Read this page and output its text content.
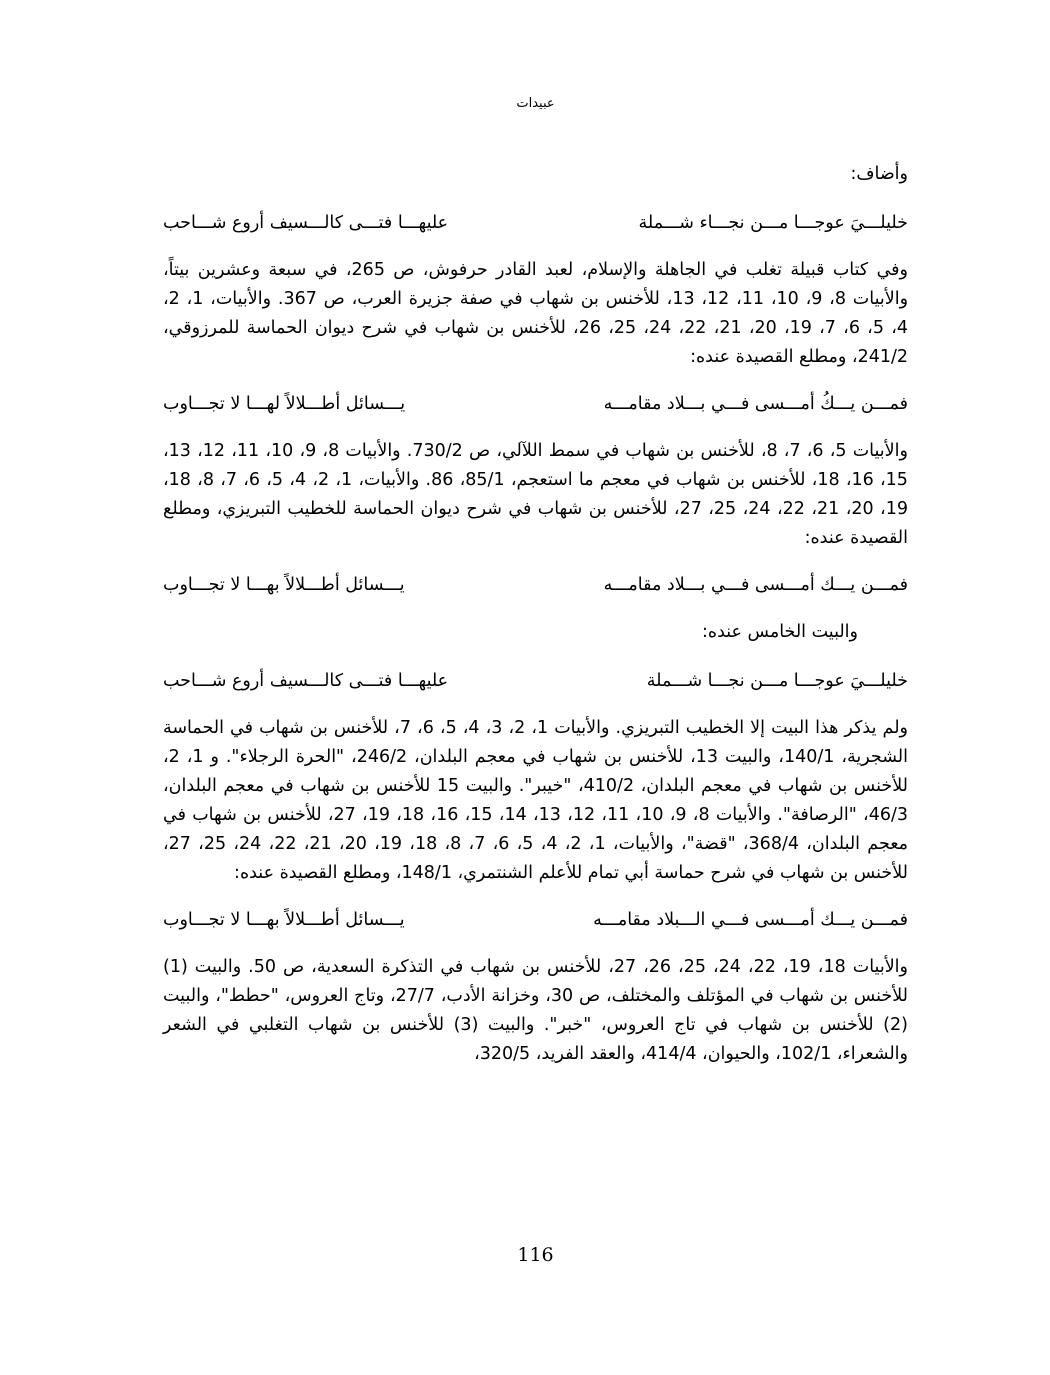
عبيدات

وأضاف:

خليلـــيَ عوجـــا مـــن نجـــاء شـــملة
عليهـــا فتـــى كالـــسيف أروع شـــاحب

وفي كتاب قبيلة تغلب في الجاهلة والإسلام، لعبد القادر حرفوش، ص 265، في سبعة وعشرين بيتاً، والأبيات 8، 9، 10، 11، 12، 13، للأخنس بن شهاب في صفة جزيرة العرب، ص 367. والأبيات، 1، 2، 4، 5، 6، 7، 19، 20، 21، 22، 24، 25، 26، للأخنس بن شهاب في شرح ديوان الحماسة للمرزوقي، 241/2، ومطلع القصيدة عنده:

فمـــن يـــكُ أمـــسى فـــي بـــلاد مقامـــه
يـــسائل أطـــلالاً لهـــا لا تجـــاوب

والأبيات 5، 6، 7، 8، للأخنس بن شهاب في سمط اللآلي، ص 730/2. والأبيات 8، 9، 10، 11، 12، 13، 15، 16، 18، للأخنس بن شهاب في معجم ما استعجم، 85/1، 86. والأبيات، 1، 2، 4، 5، 6، 7، 8، 18، 19، 20، 21، 22، 24، 25، 27، للأخنس بن شهاب في شرح ديوان الحماسة للخطيب التبريزي، ومطلع القصيدة عنده:

فمـــن يـــك أمـــسى فـــي بـــلاد مقامـــه
يـــسائل أطـــلالاً بهـــا لا تجـــاوب

والبيت الخامس عنده:

خليلـــيَ عوجـــا مـــن نجـــا شـــملة
عليهـــا فتـــى كالـــسيف أروع شـــاحب

ولم يذكر هذا البيت إلا الخطيب التبريزي. والأبيات 1، 2، 3، 4، 5، 6، 7، للأخنس بن شهاب في الحماسة الشجرية، 140/1، والبيت 13، للأخنس بن شهاب في معجم البلدان، 246/2، "الحرة الرجلاء". و 1، 2، للأخنس بن شهاب في معجم البلدان، 410/2، "خيبر". والبيت 15 للأخنس بن شهاب في معجم البلدان، 46/3، "الرصافة". والأبيات 8، 9، 10، 11، 12، 13، 14، 15، 16، 18، 19، 27، للأخنس بن شهاب في معجم البلدان، 368/4، "قضة"، والأبيات، 1، 2، 4، 5، 6، 7، 8، 18، 19، 20، 21، 22، 24، 25، 27، للأخنس بن شهاب في شرح حماسة أبي تمام للأعلم الشنتمري، 148/1، ومطلع القصيدة عنده:

فمـــن يـــك أمـــسى فـــي الـــبلاد مقامـــه
يـــسائل أطـــلالاً بهـــا لا تجـــاوب

والأبيات 18، 19، 22، 24، 25، 26، 27، للأخنس بن شهاب في التذكرة السعدية، ص 50. والبيت (1) للأخنس بن شهاب في المؤتلف والمختلف، ص 30، وخزانة الأدب، 27/7، وتاج العروس، "حطط"، والبيت (2) للأخنس بن شهاب في تاج العروس، "خبر". والبيت (3) للأخنس بن شهاب التغلبي في الشعر والشعراء، 102/1، والحيوان، 414/4، والعقد الفريد، 320/5،

116
